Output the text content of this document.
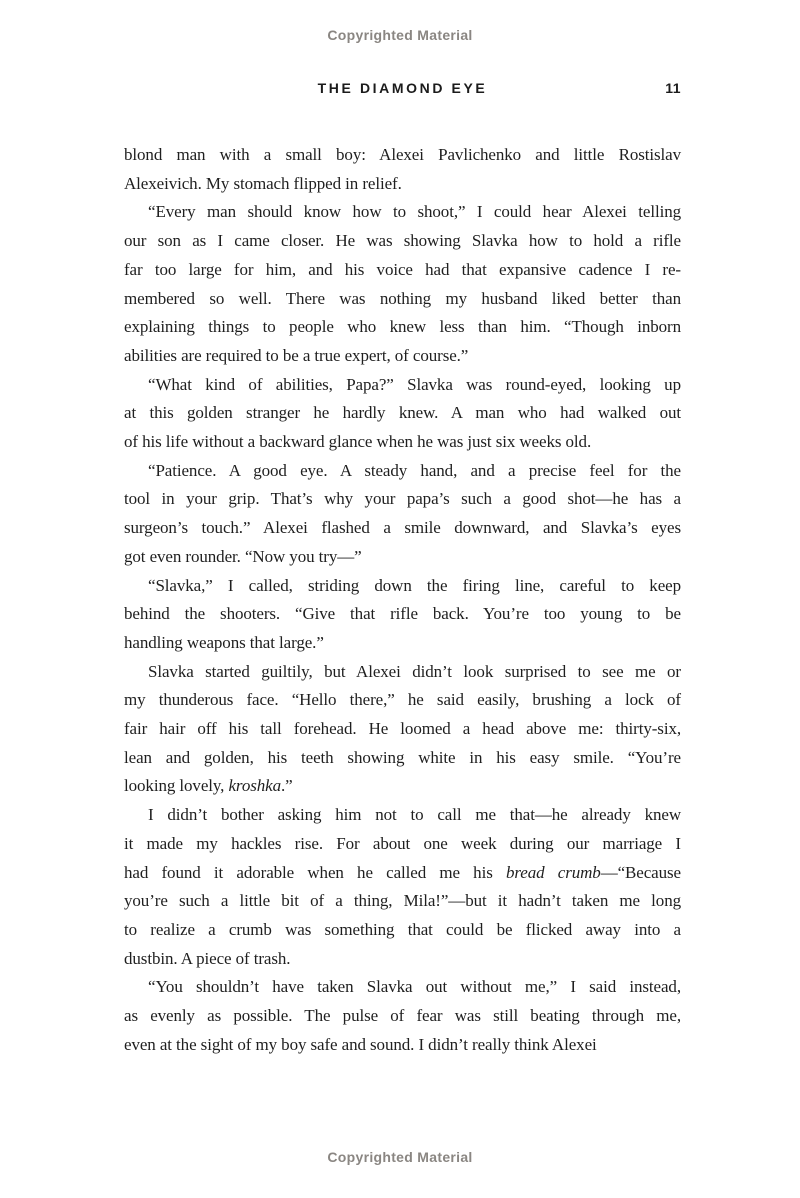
Copyrighted Material
THE DIAMOND EYE	11
blond man with a small boy: Alexei Pavlichenko and little Rostislav
Alexeivich. My stomach flipped in relief.
“Every man should know how to shoot,” I could hear Alexei telling
our son as I came closer. He was showing Slavka how to hold a rifle
far too large for him, and his voice had that expansive cadence I re-
membered so well. There was nothing my husband liked better than
explaining things to people who knew less than him. “Though inborn
abilities are required to be a true expert, of course.”
“What kind of abilities, Papa?” Slavka was round-eyed, looking up
at this golden stranger he hardly knew. A man who had walked out
of his life without a backward glance when he was just six weeks old.
“Patience. A good eye. A steady hand, and a precise feel for the
tool in your grip. That’s why your papa’s such a good shot—he has a
surgeon’s touch.” Alexei flashed a smile downward, and Slavka’s eyes
got even rounder. “Now you try—”
“Slavka,” I called, striding down the firing line, careful to keep
behind the shooters. “Give that rifle back. You’re too young to be
handling weapons that large.”
Slavka started guiltily, but Alexei didn’t look surprised to see me or
my thunderous face. “Hello there,” he said easily, brushing a lock of
fair hair off his tall forehead. He loomed a head above me: thirty-six,
lean and golden, his teeth showing white in his easy smile. “You’re
looking lovely, kroshka.”
I didn’t bother asking him not to call me that—he already knew
it made my hackles rise. For about one week during our marriage I
had found it adorable when he called me his bread crumb—“Because
you’re such a little bit of a thing, Mila!”—but it hadn’t taken me long
to realize a crumb was something that could be flicked away into a
dustbin. A piece of trash.
“You shouldn’t have taken Slavka out without me,” I said instead,
as evenly as possible. The pulse of fear was still beating through me,
even at the sight of my boy safe and sound. I didn’t really think Alexei
Copyrighted Material
